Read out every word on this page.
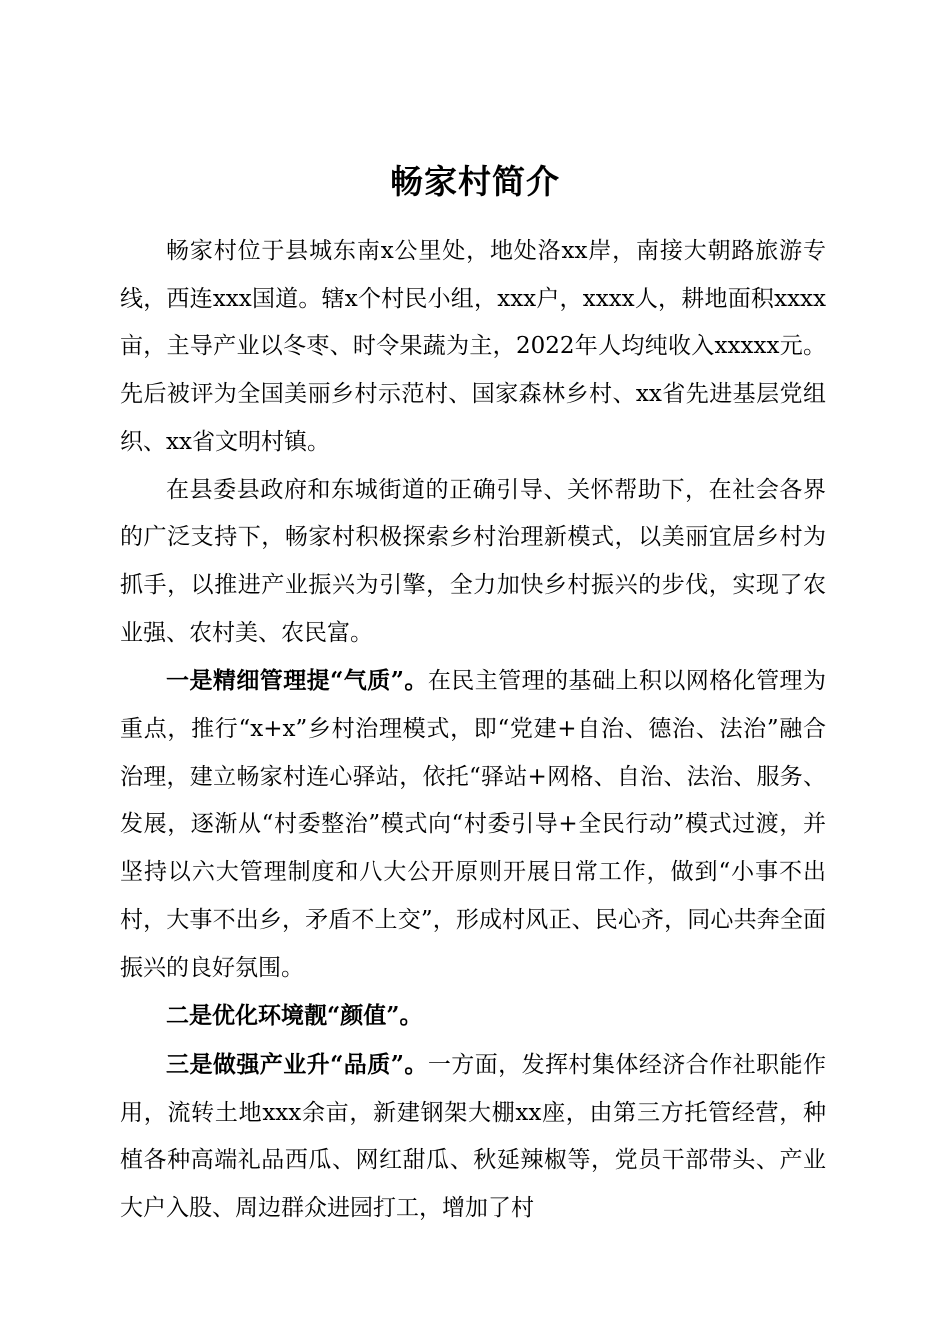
畅家村简介

畅家村位于县城东南x公里处，地处洛xx岸，南接大朝路旅游专线，西连xxx国道。辖x个村民小组，xxx户，xxxx人，耕地面积xxxx亩，主导产业以冬枣、时令果蔬为主，2022年人均纯收入xxxxx元。先后被评为全国美丽乡村示范村、国家森林乡村、xx省先进基层党组织、xx省文明村镇。

在县委县政府和东城街道的正确引导、关怀帮助下，在社会各界的广泛支持下，畅家村积极探索乡村治理新模式，以美丽宜居乡村为抓手，以推进产业振兴为引擎，全力加快乡村振兴的步伐，实现了农业强、农村美、农民富。

一是精细管理提“气质”。在民主管理的基础上积以网格化管理为重点，推行“x+x”乡村治理模式，即“党建+自治、德治、法治”融合治理，建立畅家村连心驿站，依托“驿站+网格、自治、法治、服务、发展，逐渐从“村委整治”模式向“村委引导+全民行动”模式过渡，并坚持以六大管理制度和八大公开原则开展日常工作，做到“小事不出村，大事不出乡，矛盾不上交”，形成村风正、民心齐，同心共奔全面振兴的良好氛围。

二是优化环境靓“颜值”。

三是做强产业升“品质”。一方面，发挥村集体经济合作社职能作用，流转土地xxx余亩，新建钢架大棚xx座，由第三方托管经营，种植各种高端礼品西瓜、网红甜瓜、秋延辣椒等，党员干部带头、产业大户入股、周边群众进园打工，增加了村
